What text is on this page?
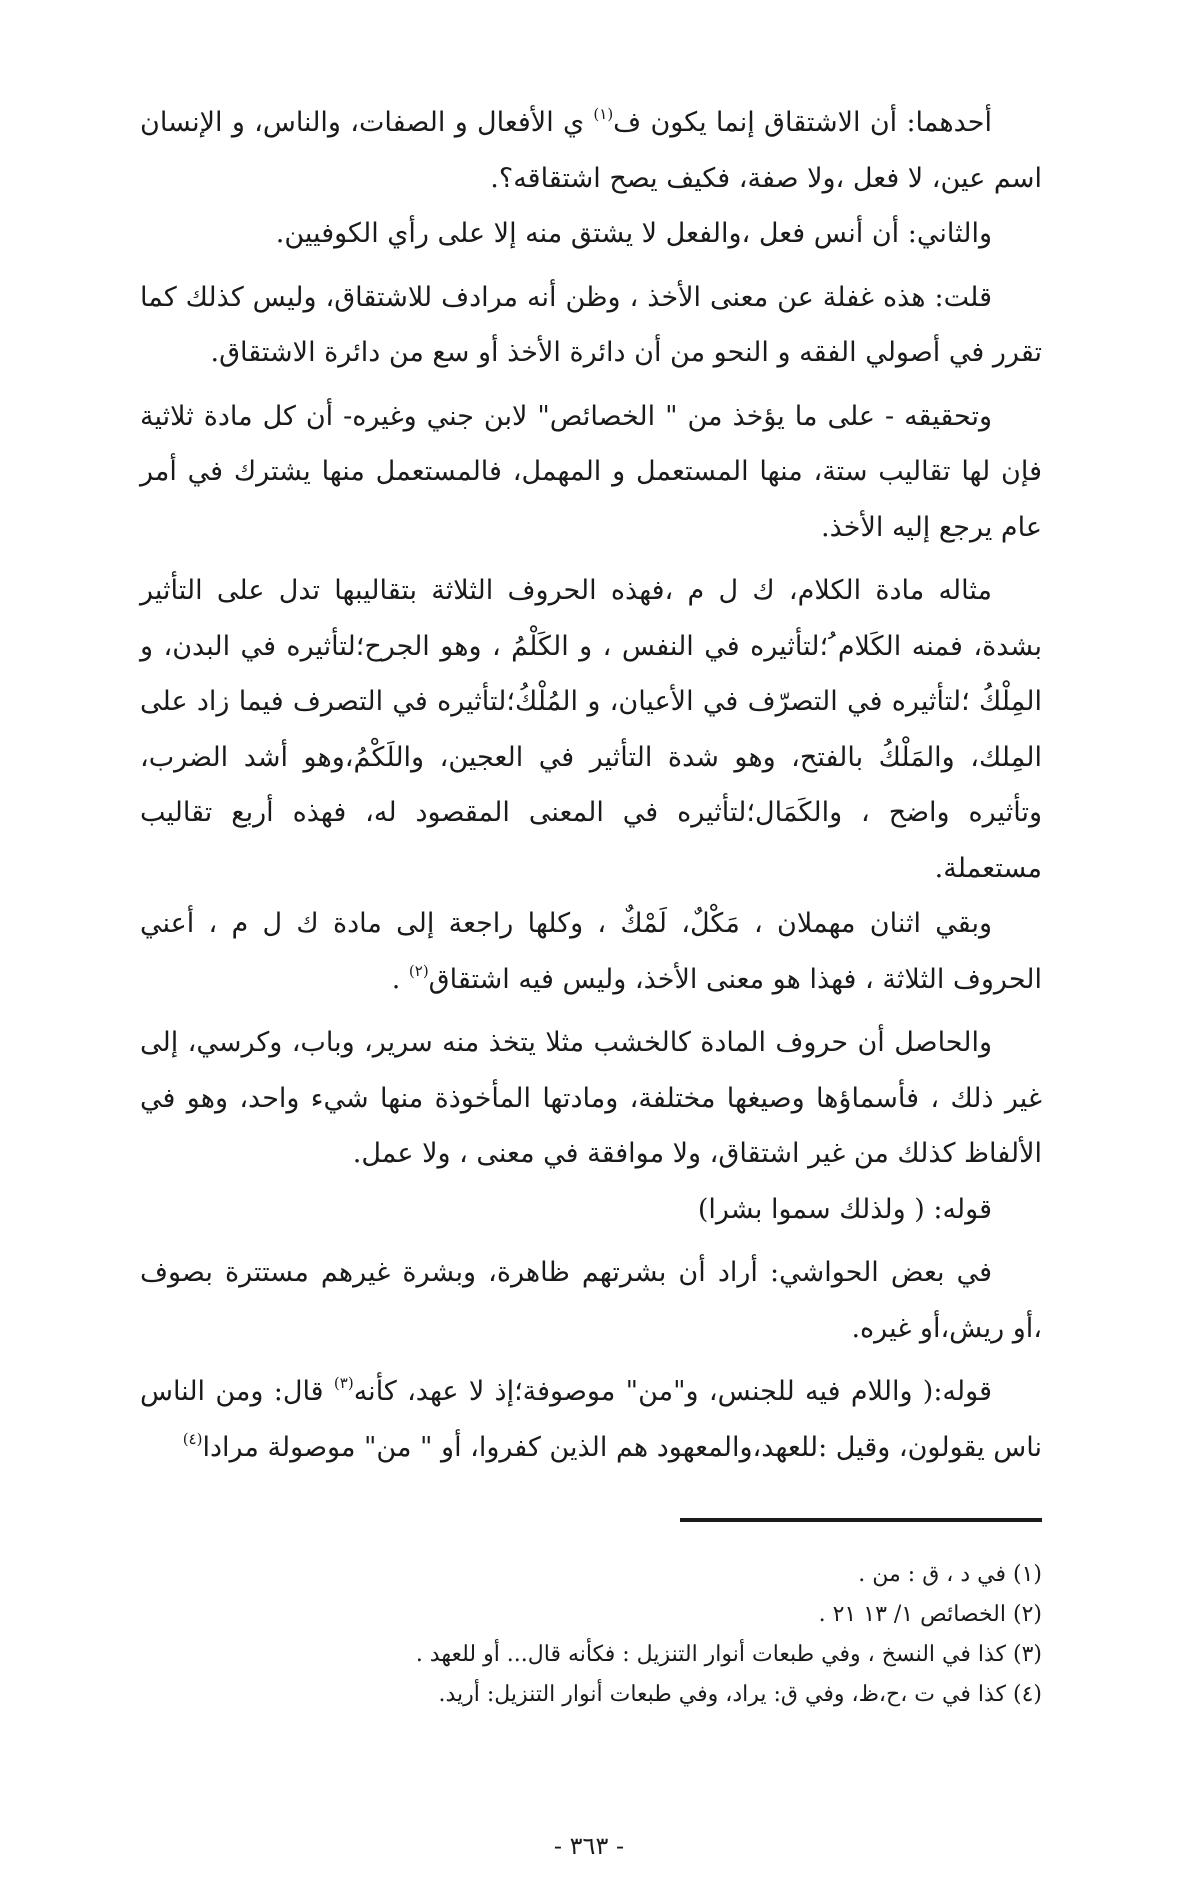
أحدهما: أن الاشتقاق إنما يكون ف$^{(١)}$ ي الأفعال و الصفات، والناس، و الإنسان اسم عين، لا فعل ،ولا صفة، فكيف يصح اشتقاقه؟.

والثاني: أن أنس فعل ،والفعل لا يشتق منه إلا على رأي الكوفيين.

قلت: هذه غفلة عن معنى الأخذ ، وظن أنه مرادف للاشتقاق، وليس كذلك كما تقرر في أصولي الفقه و النحو من أن دائرة الأخذ أو سع من دائرة الاشتقاق.

وتحقيقه - على ما يؤخذ من " الخصائص" لابن جني وغيره- أن كل مادة ثلاثية فإن لها تقاليب ستة، منها المستعمل و المهمل، فالمستعمل منها يشترك في أمر عام يرجع إليه الأخذ.

مثاله مادة الكلام، ك ل م ،فهذه الحروف الثلاثة بتقاليبها تدل على التأثير بشدة، فمنه الكَلام ُ؛لتأثيره في النفس ، و الكَلْمُ ، وهو الجرح؛لتأثيره في البدن، و المِلْكُ ؛لتأثيره في التصرّف في الأعيان، و المُلْكُ؛لتأثيره في التصرف فيما زاد على المِلك، والمَلْكُ بالفتح، وهو شدة التأثير في العجين، واللَكْمُ،وهو أشد الضرب، وتأثيره واضح ، والكَمَال؛لتأثيره في المعنى المقصود له، فهذه أربع تقاليب مستعملة.

وبقي اثنان مهملان ، مَكْلٌ، لَمْكٌ ، وكلها راجعة إلى مادة ك ل م ، أعني الحروف الثلاثة ، فهذا هو معنى الأخذ، وليس فيه اشتقاق$^{(٢)}$ .

والحاصل أن حروف المادة كالخشب مثلا يتخذ منه سرير، وباب، وكرسي، إلى غير ذلك ، فأسماؤها وصيغها مختلفة، ومادتها المأخوذة منها شيء واحد، وهو في الألفاظ كذلك من غير اشتقاق، ولا موافقة في معنى ، ولا عمل.

قوله: ( ولذلك سموا بشرا)

في بعض الحواشي: أراد أن بشرتهم ظاهرة، وبشرة غيرهم مستترة بصوف ،أو ريش،أو غيره.

قوله:( واللام فيه للجنس، و"من" موصوفة؛إذ لا عهد، كأنه$^{(٣)}$ قال: ومن الناس ناس يقولون، وقيل :للعهد،والمعهود هم الذين كفروا، أو " من" موصولة مرادا$^{(٤)}$

(١) في د ، ق : من .

(٢) الخصائص ١/ ١٣ ٢١ .

(٣) كذا في النسخ ، وفي طبعات أنوار التنزيل : فكأنه قال... أو للعهد .

(٤) كذا في ت ،ح،ظ، وفي ق: يراد، وفي طبعات أنوار التنزيل: أريد.

- ٣٦٣ -
